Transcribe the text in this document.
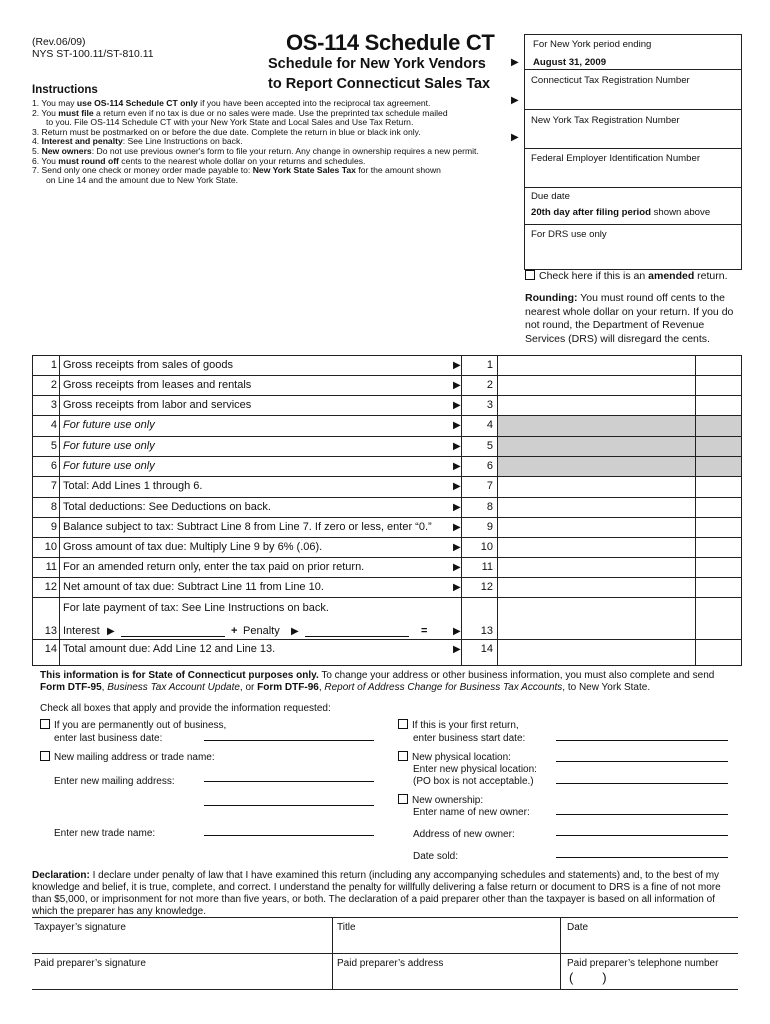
(Rev.06/09)
NYS ST-100.11/ST-810.11	OS-114 Schedule CT
Schedule for New York Vendors
to Report Connecticut Sales Tax
▶
▶
▶
Instructions
1. You may use OS-114 Schedule CT only if you have been accepted into the reciprocal tax agreement.
2. You must file a return even if no tax is due or no sales were made. Use the preprinted tax schedule mailed
to you. File OS-114 Schedule CT with your New York State and Local Sales and Use Tax Return.
3. Return must be postmarked on or before the due date. Complete the return in blue or black ink only.
4. Interest and penalty: See Line Instructions on back.
5. New owners: Do not use previous owner's form to file your return. Any change in ownership requires a new permit.
6. You must round off cents to the nearest whole dollar on your returns and schedules.
7. Send only one check or money order made payable to: New York State Sales Tax for the amount shown
on Line 14 and the amount due to New York State.
For New York period ending
August 31, 2009
Connecticut Tax Registration Number
New York Tax Registration Number
Federal Employer Identification Number
Due date
20th day after filing period shown above
For DRS use only
Check here if this is an amended return.
Rounding: You must round off cents to the nearest whole dollar on your return. If you do not round, the Department of Revenue Services (DRS) will disregard the cents.
1 Gross receipts from sales of goods	▶	1
2 Gross receipts from leases and rentals	▶	2
3 Gross receipts from labor and services	▶	3
4 For future use only	▶	4
5 For future use only	▶	5
6 For future use only	▶	6
7 Total: Add Lines 1 through 6.	▶	7
8 Total deductions: See Deductions on back.	▶	8
9 Balance subject to tax: Subtract Line 8 from Line 7. If zero or less, enter “0.” ▶	9
10 Gross amount of tax due: Multiply Line 9 by 6% (.06).	▶	10
11 For an amended return only, enter the tax paid on prior return.	▶	11
12 Net amount of tax due: Subtract Line 11 from Line 10.	▶	12
For late payment of tax: See Line Instructions on back.
13 Interest ▶	+ Penalty ▶	=	▶	13
14 Total amount due: Add Line 12 and Line 13.	▶	14
This information is for State of Connecticut purposes only. To change your address or other business information, you must also complete and send Form DTF-95, Business Tax Account Update, or Form DTF-96, Report of Address Change for Business Tax Accounts, to New York State.
Check all boxes that apply and provide the information requested:
If you are permanently out of business,
enter last business date:
New mailing address or trade name:
Enter new mailing address:
Enter new trade name:
If this is your first return,
enter business start date:
New physical location:
Enter new physical location:
(PO box is not acceptable.)
New ownership:
Enter name of new owner:
Address of new owner:
Date sold:
Declaration: I declare under penalty of law that I have examined this return (including any accompanying schedules and statements) and, to the best of my knowledge and belief, it is true, complete, and correct. I understand the penalty for willfully delivering a false return or document to DRS is a fine of not more than $5,000, or imprisonment for not more than five years, or both. The declaration of a paid preparer other than the taxpayer is based on all information of which the preparer has any knowledge.
Taxpayer’s signature	Title	Date
Paid preparer’s signature	Paid preparer’s address	Paid preparer’s telephone number
(        )
